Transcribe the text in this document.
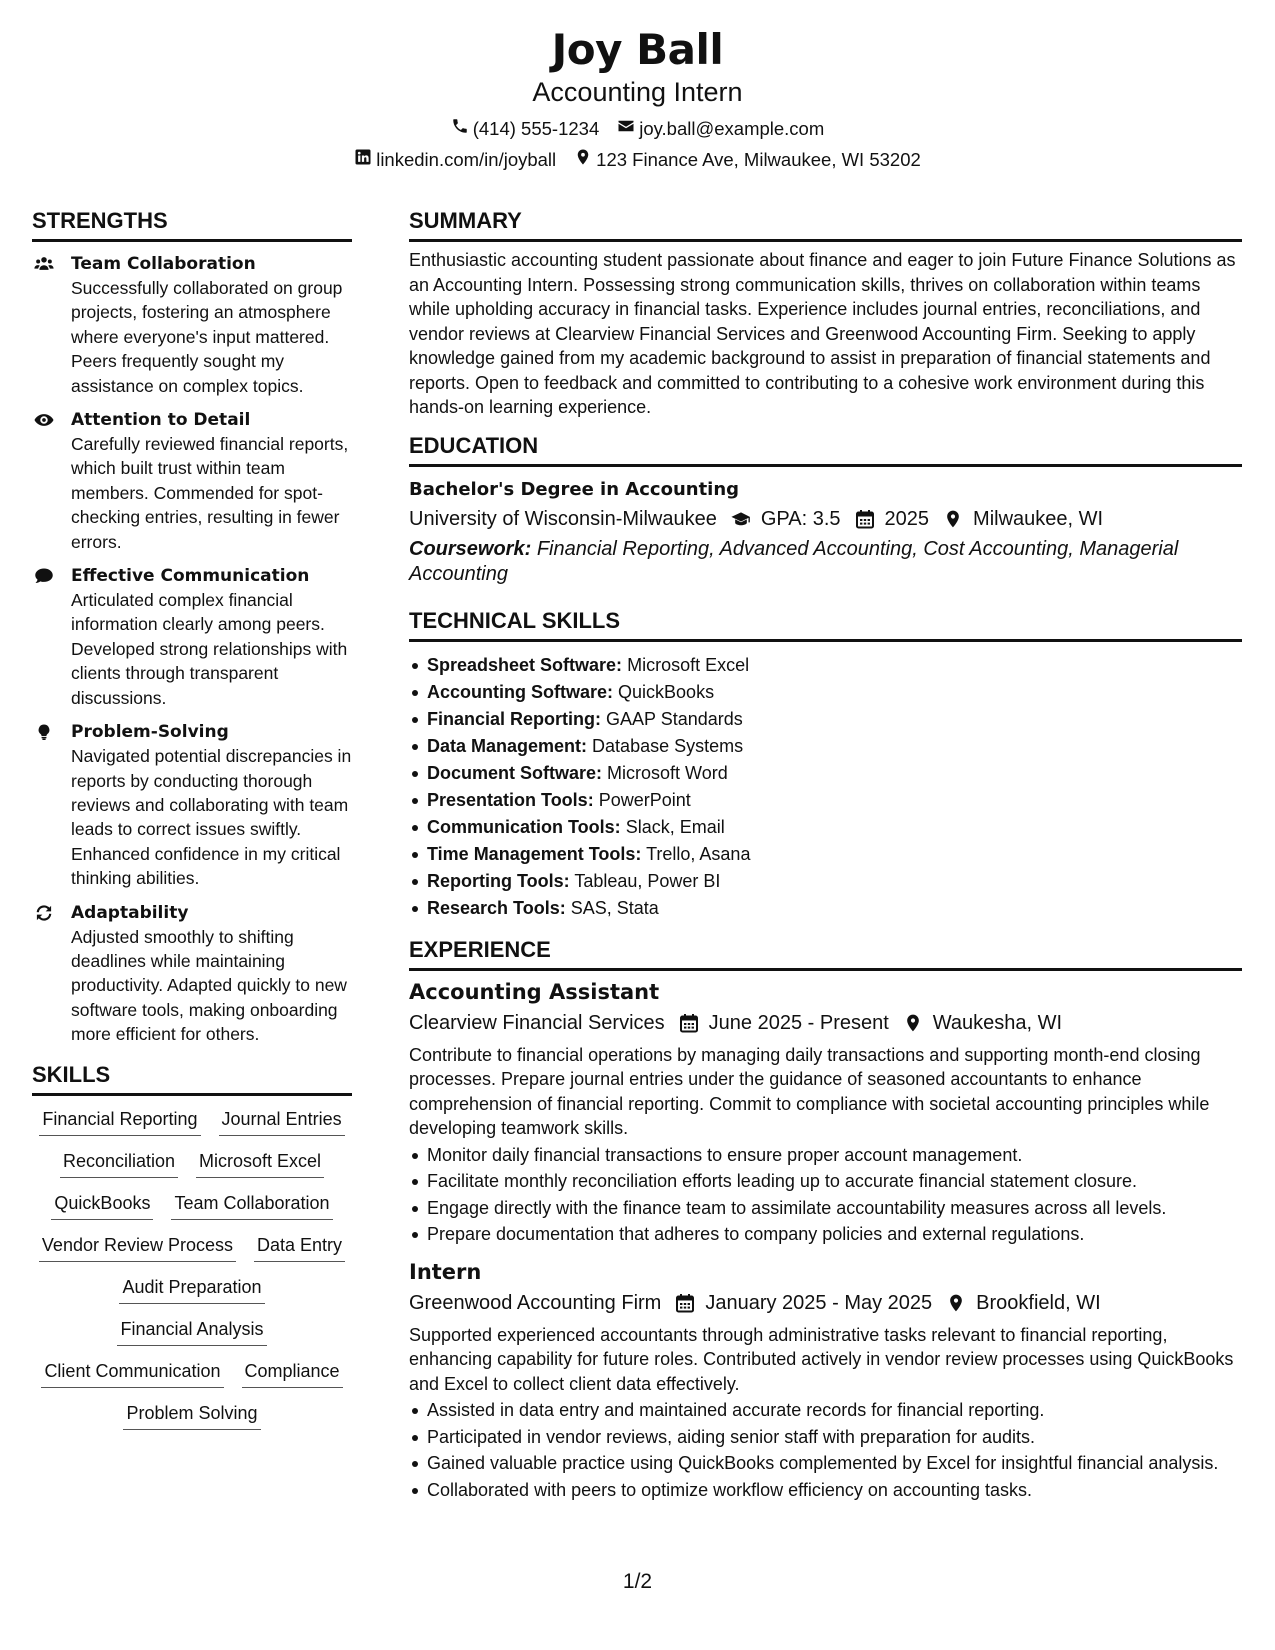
Joy Ball
Accounting Intern
(414) 555-1234 joy.ball@example.com
linkedin.com/in/joyball 123 Finance Ave, Milwaukee, WI 53202
STRENGTHS
Team Collaboration
Successfully collaborated on group projects, fostering an atmosphere where everyone's input mattered. Peers frequently sought my assistance on complex topics.
Attention to Detail
Carefully reviewed financial reports, which built trust within team members. Commended for spot-checking entries, resulting in fewer errors.
Effective Communication
Articulated complex financial information clearly among peers. Developed strong relationships with clients through transparent discussions.
Problem-Solving
Navigated potential discrepancies in reports by conducting thorough reviews and collaborating with team leads to correct issues swiftly. Enhanced confidence in my critical thinking abilities.
Adaptability
Adjusted smoothly to shifting deadlines while maintaining productivity. Adapted quickly to new software tools, making onboarding more efficient for others.
SKILLS
Financial Reporting Journal Entries
Reconciliation Microsoft Excel
QuickBooks Team Collaboration
Vendor Review Process Data Entry
Audit Preparation
Financial Analysis
Client Communication Compliance
Problem Solving
SUMMARY

Enthusiastic accounting student passionate about finance and eager to join Future Finance Solutions as an Accounting Intern. Possessing strong communication skills, thrives on collaboration within teams while upholding accuracy in financial tasks. Experience includes journal entries, reconciliations, and vendor reviews at Clearview Financial Services and Greenwood Accounting Firm. Seeking to apply knowledge gained from my academic background to assist in preparation of financial statements and reports. Open to feedback and committed to contributing to a cohesive work environment during this hands-on learning experience.

EDUCATION
Bachelor's Degree in Accounting
University of Wisconsin-Milwaukee GPA: 3.5 2025 Milwaukee, WI
Coursework: Financial Reporting, Advanced Accounting, Cost Accounting, Managerial Accounting
TECHNICAL SKILLS
Spreadsheet Software: Microsoft Excel
Accounting Software: QuickBooks
Financial Reporting: GAAP Standards
Data Management: Database Systems
Document Software: Microsoft Word
Presentation Tools: PowerPoint
Communication Tools: Slack, Email
Time Management Tools: Trello, Asana
Reporting Tools: Tableau, Power BI
Research Tools: SAS, Stata
EXPERIENCE
Accounting Assistant
Clearview Financial Services June 2025 - Present Waukesha, WI

Contribute to financial operations by managing daily transactions and supporting month-end closing processes. Prepare journal entries under the guidance of seasoned accountants to enhance comprehension of financial reporting. Commit to compliance with societal accounting principles while developing teamwork skills.

Monitor daily financial transactions to ensure proper account management.
Facilitate monthly reconciliation efforts leading up to accurate financial statement closure.
Engage directly with the finance team to assimilate accountability measures across all levels.
Prepare documentation that adheres to company policies and external regulations.
Intern
Greenwood Accounting Firm January 2025 - May 2025 Brookfield, WI

Supported experienced accountants through administrative tasks relevant to financial reporting, enhancing capability for future roles. Contributed actively in vendor review processes using QuickBooks and Excel to collect client data effectively.

Assisted in data entry and maintained accurate records for financial reporting.
Participated in vendor reviews, aiding senior staff with preparation for audits.
Gained valuable practice using QuickBooks complemented by Excel for insightful financial analysis.
Collaborated with peers to optimize workflow efficiency on accounting tasks.
1/2
